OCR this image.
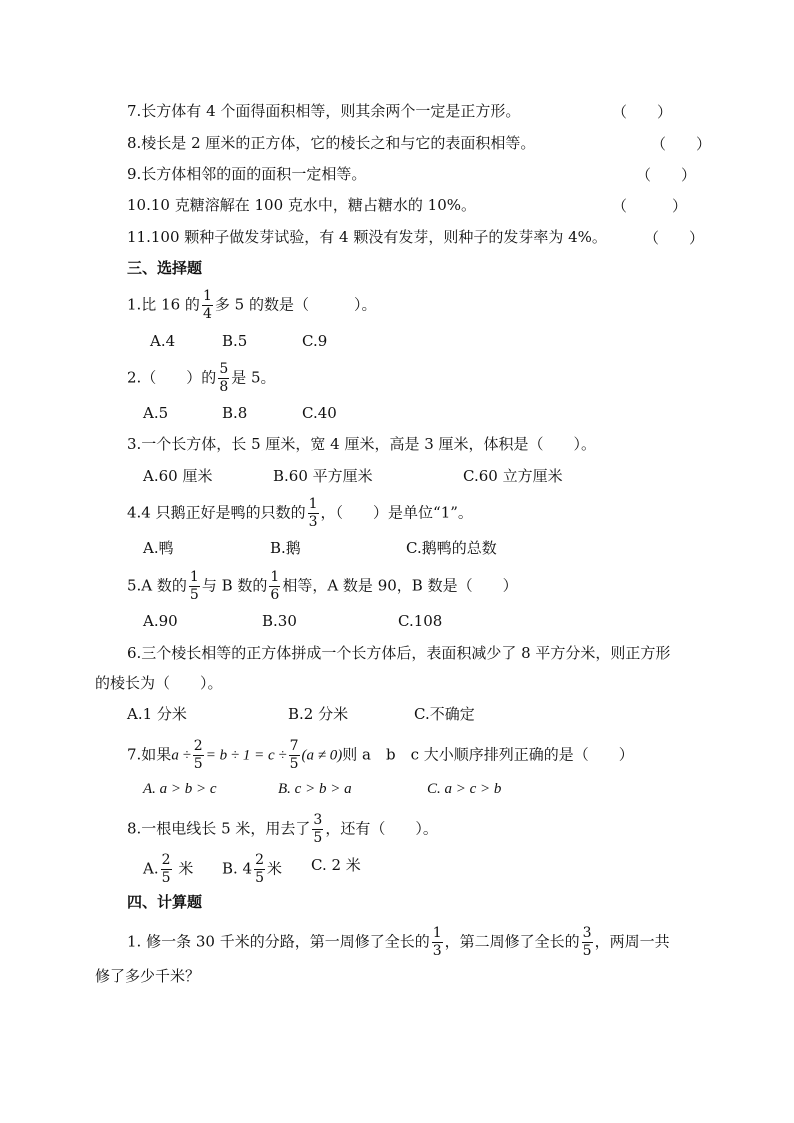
7.长方体有 4 个面得面积相等，则其余两个一定是正方形。	（　　）
8.棱长是 2 厘米的正方体，它的棱长之和与它的表面积相等。	（　　）
9.长方体相邻的面的面积一定相等。	（　　）
10.10 克糖溶解在 100 克水中，糖占糖水的 10%。	（　　　）
11.100 颗种子做发芽试验，有 4 颗没有发芽，则种子的发芽率为 4%。 （　　）
三、选择题
1.比 16 的 $\frac{1}{4}$ 多 5 的数是（　　　）。
A.4	B.5	C.9
2.（　　）的 $\frac{5}{8}$ 是 5。
A.5	B.8	C.40
3.一个长方体，长 5 厘米，宽 4 厘米，高是 3 厘米，体积是（　　）。
A.60 厘米	B.60 平方厘米	C.60 立方厘米
4.4 只鹅正好是鸭的只数的 $\frac{1}{3}$ ，（　　）是单位“1”。
A.鸭	B.鹅	C.鹅鸭的总数
5.A 数的 $\frac{1}{5}$ 与 B 数的 $\frac{1}{6}$ 相等，A 数是 90，B 数是（　　）
A.90	B.30	C.108
6.三个棱长相等的正方体拼成一个长方体后，表面积减少了 8 平方分米，则正方形
的棱长为（　　）。
A.1 分米	B.2 分米	C.不确定
7.如果$a \div \frac{2}{5} = b \div 1 = c \div \frac{7}{5} (a \ne 0)$则 a　b　c 大小顺序排列正确的是（　　）
A. a > b > c	B. c > b > a	C. a > c > b
8.一根电线长 5 米，用去了 $\frac{3}{5}$ ，还有（　　）。
A. $\frac{2}{5}$ 米 B. $4 \frac{2}{5}$ 米 C. 2 米
四、计算题
1. 修一条 30 千米的分路，第一周修了全长的 $\frac{1}{3}$ ，第二周修了全长的 $\frac{3}{5}$ ，两周一共
修了多少千米？
